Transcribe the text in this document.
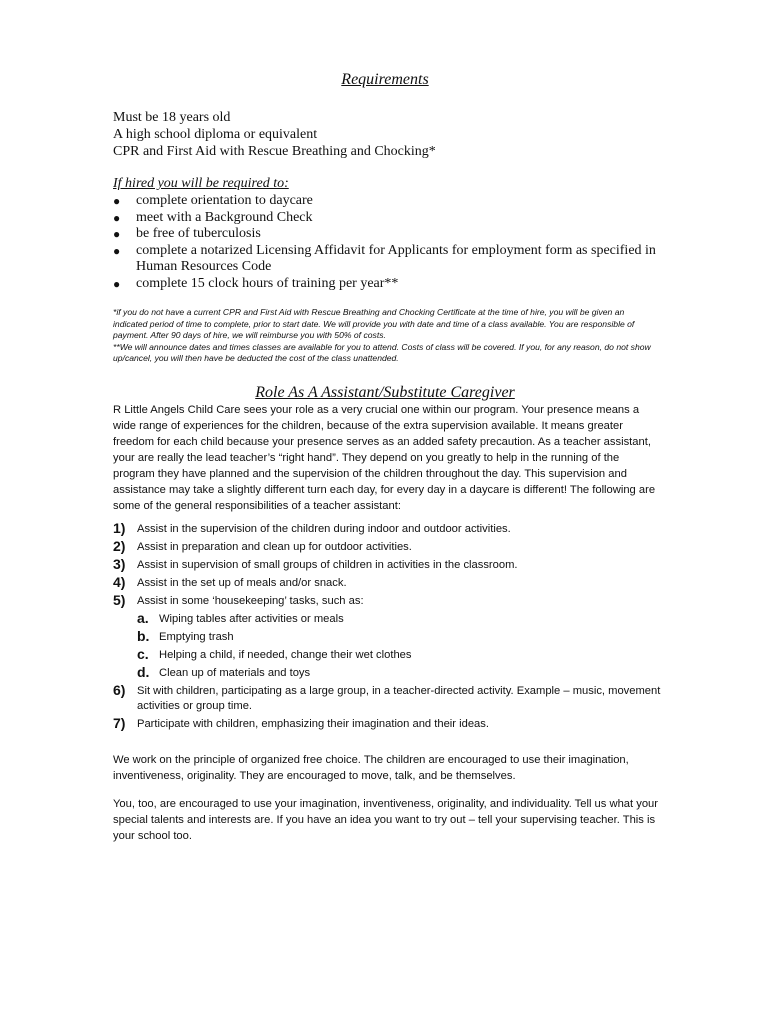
Requirements
Must be 18 years old
A high school diploma or equivalent
CPR and First Aid with Rescue Breathing and Chocking*
If hired you will be required to:
● complete orientation to daycare
● meet with a Background Check
● be free of tuberculosis
● complete a notarized Licensing Affidavit for Applicants for employment form as specified in Human Resources Code
● complete 15 clock hours of training per year**
*if you do not have a current CPR and First Aid with Rescue Breathing and Chocking Certificate at the time of hire, you will be given an indicated period of time to complete, prior to start date. We will provide you with date and time of a class available. You are responsible of payment. After 90 days of hire, we will reimburse you with 50% of costs.
**We will announce dates and times classes are available for you to attend. Costs of class will be covered. If you, for any reason, do not show up/cancel, you will then have be deducted the cost of the class unattended.
Role As A Assistant/Substitute Caregiver
R Little Angels Child Care sees your role as a very crucial one within our program. Your presence means a wide range of experiences for the children, because of the extra supervision available. It means greater freedom for each child because your presence serves as an added safety precaution. As a teacher assistant, your are really the lead teacher’s “right hand”. They depend on you greatly to help in the running of the program they have planned and the supervision of the children throughout the day. This supervision and assistance may take a slightly different turn each day, for every day in a daycare is different! The following are some of the general responsibilities of a teacher assistant:
1) Assist in the supervision of the children during indoor and outdoor activities.
2) Assist in preparation and clean up for outdoor activities.
3) Assist in supervision of small groups of children in activities in the classroom.
4) Assist in the set up of meals and/or snack.
5) Assist in some ‘housekeeping’ tasks, such as:
a. Wiping tables after activities or meals
b. Emptying trash
c. Helping a child, if needed, change their wet clothes
d. Clean up of materials and toys
6) Sit with children, participating as a large group, in a teacher-directed activity. Example – music, movement activities or group time.
7) Participate with children, emphasizing their imagination and their ideas.
We work on the principle of organized free choice. The children are encouraged to use their imagination, inventiveness, originality. They are encouraged to move, talk, and be themselves.
You, too, are encouraged to use your imagination, inventiveness, originality, and individuality. Tell us what your special talents and interests are. If you have an idea you want to try out – tell your supervising teacher. This is your school too.
